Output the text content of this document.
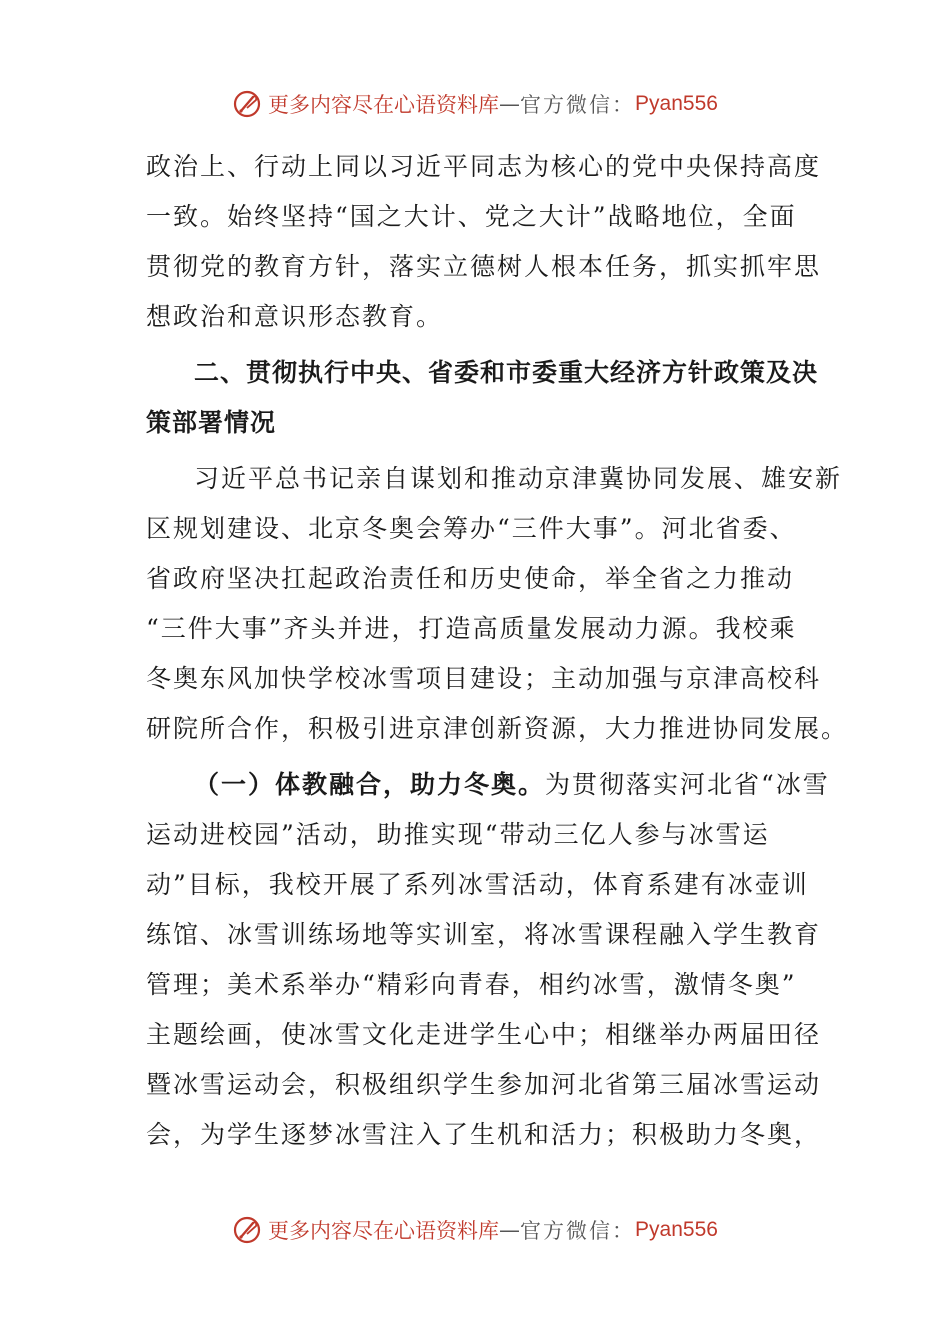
更多内容尽在心语资料库 — 官方微信： Pyan556
政治上、行动上同以习近平同志为核心的党中央保持高度
一致。始终坚持“国之大计、党之大计”战略地位，全面
贯彻党的教育方针，落实立德树人根本任务，抓实抓牢思
想政治和意识形态教育。
二、贯彻执行中央、省委和市委重大经济方针政策及决
策部署情况
习近平总书记亲自谋划和推动京津冀协同发展、雄安新
区规划建设、北京冬奥会筹办“三件大事”。河北省委、
省政府坚决扛起政治责任和历史使命，举全省之力推动
“三件大事”齐头并进，打造高质量发展动力源。我校乘
冬奥东风加快学校冰雪项目建设；主动加强与京津高校科
研院所合作，积极引进京津创新资源，大力推进协同发展。
（一）体教融合，助力冬奥。为贯彻落实河北省“冰雪
运动进校园”活动，助推实现“带动三亿人参与冰雪运
动”目标，我校开展了系列冰雪活动，体育系建有冰壶训
练馆、冰雪训练场地等实训室，将冰雪课程融入学生教育
管理；美术系举办“精彩向青春，相约冰雪，激情冬奥”
主题绘画，使冰雪文化走进学生心中；相继举办两届田径
暨冰雪运动会，积极组织学生参加河北省第三届冰雪运动
会，为学生逐梦冰雪注入了生机和活力；积极助力冬奥，
更多内容尽在心语资料库 — 官方微信： Pyan556
